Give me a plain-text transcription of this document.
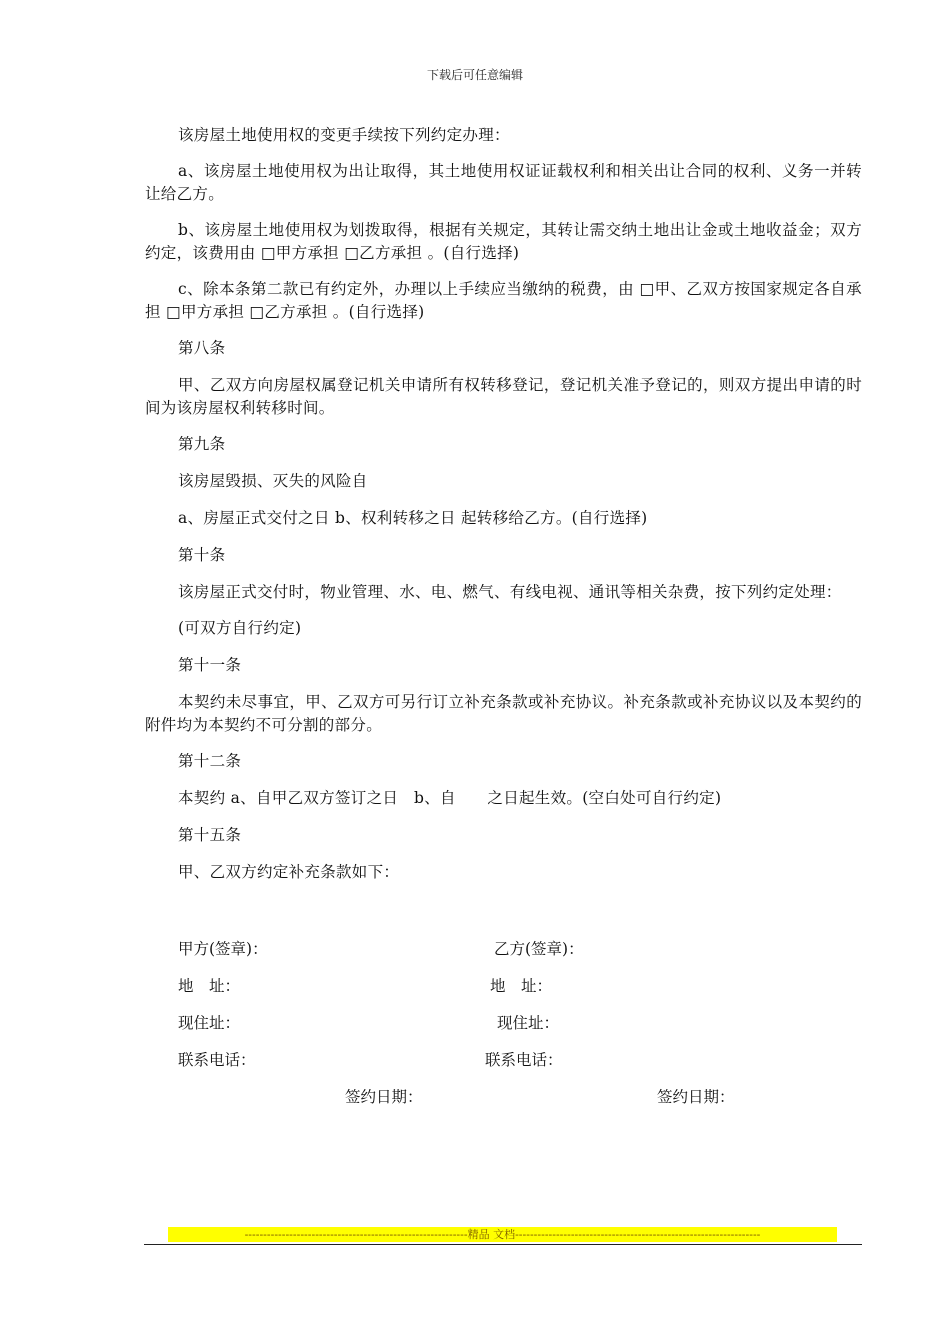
下载后可任意编辑

该房屋土地使用权的变更手续按下列约定办理：

a、该房屋土地使用权为出让取得，其土地使用权证证载权利和相关出让合同的权利、义务一并转让给乙方。

b、该房屋土地使用权为划拨取得，根据有关规定，其转让需交纳土地出让金或土地收益金；双方约定，该费用由 □甲方承担 □乙方承担 。(自行选择)

c、除本条第二款已有约定外，办理以上手续应当缴纳的税费，由 □甲、乙双方按国家规定各自承担 □甲方承担 □乙方承担 。(自行选择)

第八条

甲、乙双方向房屋权属登记机关申请所有权转移登记，登记机关准予登记的，则双方提出申请的时间为该房屋权利转移时间。

第九条

该房屋毁损、灭失的风险自

a、房屋正式交付之日 b、权利转移之日 起转移给乙方。(自行选择)

第十条

该房屋正式交付时，物业管理、水、电、燃气、有线电视、通讯等相关杂费，按下列约定处理：

(可双方自行约定)

第十一条

本契约未尽事宜，甲、乙双方可另行订立补充条款或补充协议。补充条款或补充协议以及本契约的附件均为本契约不可分割的部分。

第十二条

本契约 a、自甲乙双方签订之日　b、自　　之日起生效。(空白处可自行约定)

第十五条

甲、乙双方约定补充条款如下：

甲方(签章)：	乙方(签章)：
地　址：	地　址：
现住址：	现住址：
联系电话：	联系电话：
签约日期：	签约日期：
------------------------------------------------------------精品 文档------------------------------------------------------------------
